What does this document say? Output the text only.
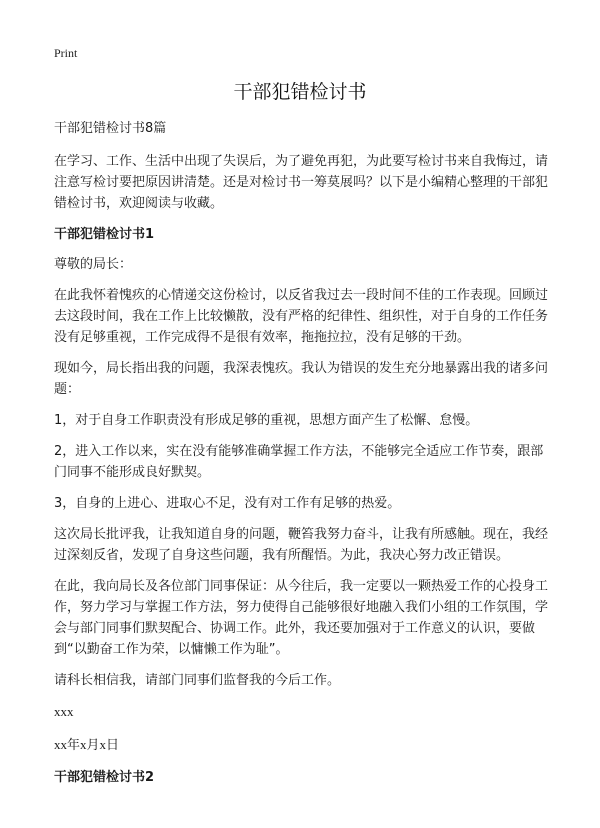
Print
干部犯错检讨书

干部犯错检讨书8篇

在学习、工作、生活中出现了失误后，为了避免再犯，为此要写检讨书来自我悔过，请注意写检讨要把原因讲清楚。还是对检讨书一筹莫展吗？以下是小编精心整理的干部犯错检讨书，欢迎阅读与收藏。

干部犯错检讨书1

尊敬的局长：

在此我怀着愧疚的心情递交这份检讨，以反省我过去一段时间不佳的工作表现。回顾过去这段时间，我在工作上比较懒散，没有严格的纪律性、组织性，对于自身的工作任务没有足够重视，工作完成得不是很有效率，拖拖拉拉，没有足够的干劲。

现如今，局长指出我的问题，我深表愧疚。我认为错误的发生充分地暴露出我的诸多问题：

1，对于自身工作职责没有形成足够的重视，思想方面产生了松懈、怠慢。

2，进入工作以来，实在没有能够准确掌握工作方法，不能够完全适应工作节奏，跟部门同事不能形成良好默契。

3，自身的上进心、进取心不足，没有对工作有足够的热爱。

这次局长批评我，让我知道自身的问题，鞭笞我努力奋斗，让我有所感触。现在，我经过深刻反省，发现了自身这些问题，我有所醒悟。为此，我决心努力改正错误。

在此，我向局长及各位部门同事保证：从今往后，我一定要以一颗热爱工作的心投身工作，努力学习与掌握工作方法，努力使得自己能够很好地融入我们小组的工作氛围，学会与部门同事们默契配合、协调工作。此外，我还要加强对于工作意义的认识，要做到“以勤奋工作为荣，以慵懒工作为耻”。

请科长相信我，请部门同事们监督我的今后工作。

xxx

xx年x月x日

干部犯错检讨书2
